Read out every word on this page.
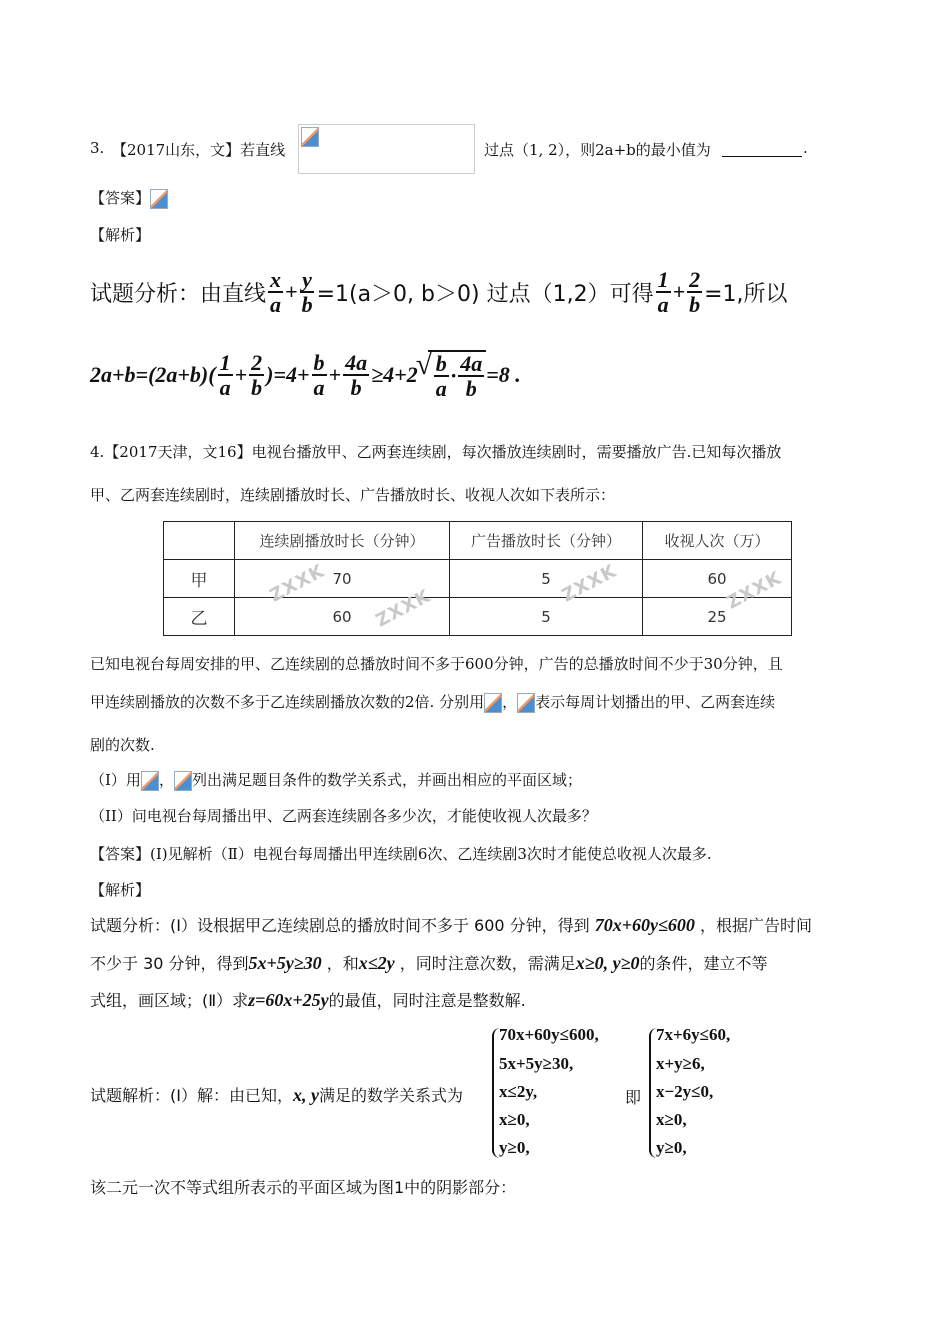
3. 【2017山东，文】若直线	过点（1, 2），则2a+b的最小值为	.
【答案】
【解析】
试题分析：由直线 $\frac{x}{a} + \frac{y}{b} =1(a>0$, b＞0) 过点（1,2）可得 $\frac{1}{a} + \frac{2}{b} =1$,所以
$2a+b=(2a+b)( \frac{1}{a} + \frac{2}{b} )=4+ \frac{b}{a} + \frac{4a}{b} \ge 4+2$
√ $\frac{b}{a} \cdot \frac{4a}{b} =8$ .
4.【2017天津，文16】电视台播放甲、乙两套连续剧，每次播放连续剧时，需要播放广告.已知每次播放
甲、乙两套连续剧时，连续剧播放时长、广告播放时长、收视人次如下表所示：
	连续剧播放时长（分钟）	广告播放时长（分钟）	收视人次（万）
甲	70	5	60
乙	60	5	25
ZXXK
ZXXK
ZXXK	ZXXK
已知电视台每周安排的甲、乙连续剧的总播放时间不多于600分钟，广告的总播放时间不少于30分钟，且
甲连续剧播放的次数不多于乙连续剧播放次数的2倍. 分别用 ， 表示每周计划播出的甲、乙两套连续
剧的次数.
（I）用 ， 列出满足题目条件的数学关系式，并画出相应的平面区域；
（II）问电视台每周播出甲、乙两套连续剧各多少次，才能使收视人次最多？
【答案】(Ⅰ)见解析（Ⅱ）电视台每周播出甲连续剧6次、乙连续剧3次时才能使总收视人次最多.
【解析】
试题分析：(Ⅰ）设根据甲乙连续剧总的播放时间不多于 600 分钟，得到 70x+60y≤600 ，根据广告时间
不少于 30 分钟，得到5x+5y≥30 ，和x≤2y ，同时注意次数，需满足x≥0, y≥0的条件，建立不等
式组，画区域；(Ⅱ）求z=60x+25y的最值，同时注意是整数解.
试题解析：(Ⅰ）解：由已知，x, y满足的数学关系式为
70x+60y≤600,
5x+5y≥30,
x≤2y,
x≥0,
y≥0,
即
7x+6y≤60,
x+y≥6,
x−2y≤0,
x≥0,
y≥0,
该二元一次不等式组所表示的平面区域为图1中的阴影部分：
